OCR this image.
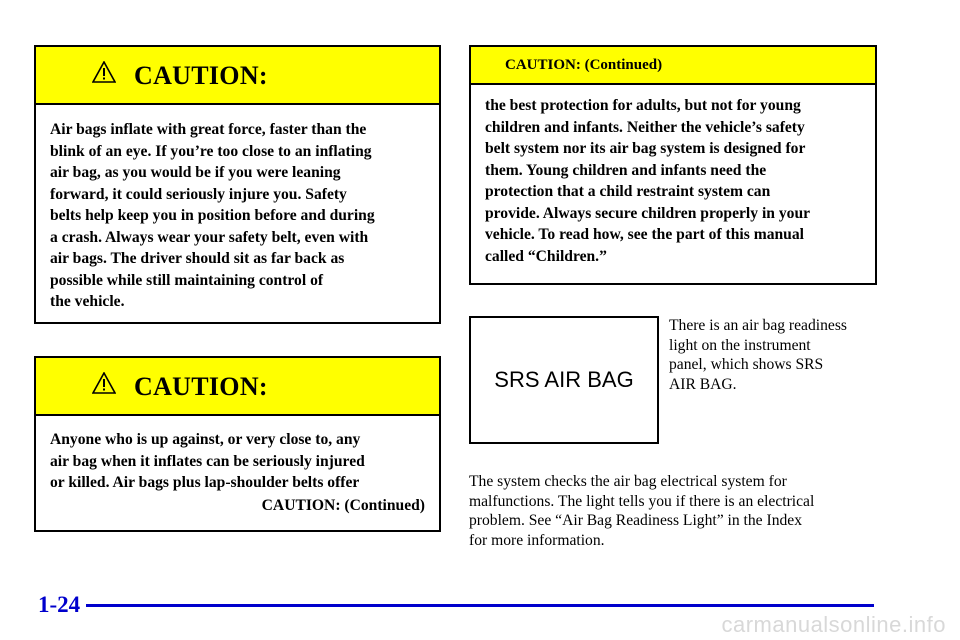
CAUTION:
Air bags inflate with great force, faster than the
blink of an eye. If you’re too close to an inflating
air bag, as you would be if you were leaning
forward, it could seriously injure you. Safety
belts help keep you in position before and during
a crash. Always wear your safety belt, even with
air bags. The driver should sit as far back as
possible while still maintaining control of
the vehicle.
CAUTION:
Anyone who is up against, or very close to, any
air bag when it inflates can be seriously injured
or killed. Air bags plus lap-shoulder belts offer
CAUTION: (Continued)
CAUTION: (Continued)
the best protection for adults, but not for young
children and infants. Neither the vehicle’s safety
belt system nor its air bag system is designed for
them. Young children and infants need the
protection that a child restraint system can
provide. Always secure children properly in your
vehicle. To read how, see the part of this manual
called “Children.”
SRS AIR BAG
There is an air bag readiness
light on the instrument
panel, which shows SRS
AIR BAG.
The system checks the air bag electrical system for
malfunctions. The light tells you if there is an electrical
problem. See “Air Bag Readiness Light” in the Index
for more information.
1-24
carmanualsonline.info
